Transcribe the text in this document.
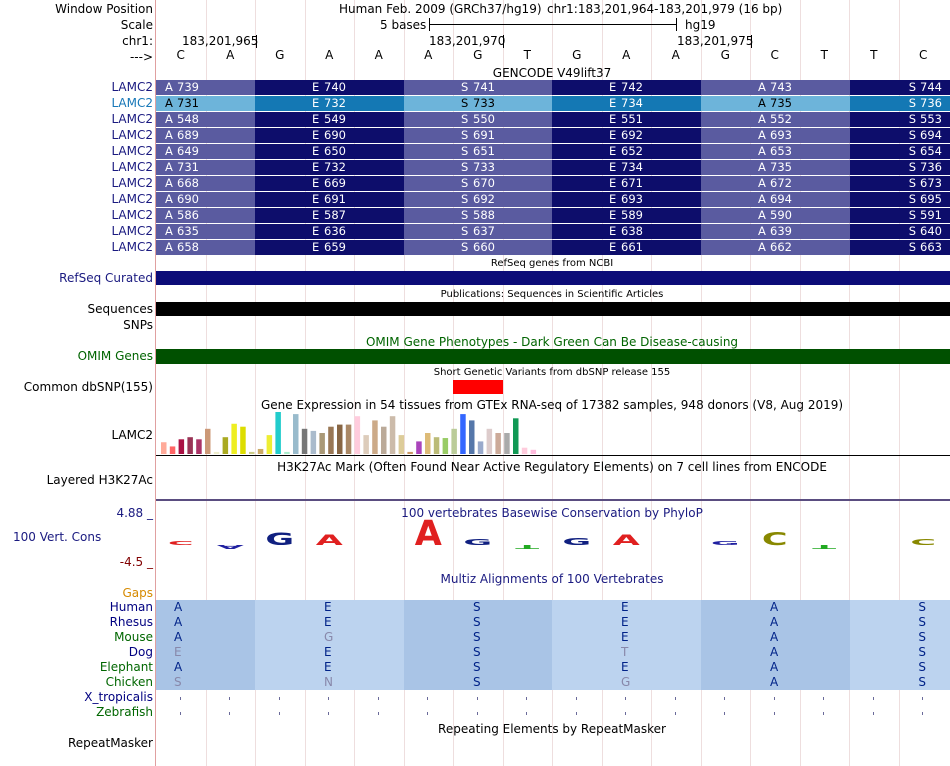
Window Position	Human Feb. 2009 (GRCh37/hg19) chr1:183,201,964-183,201,979 (16 bp)
Scale	5 bases	hg19
chr1: 183,201,965	183,201,970	183,201,975
--->	C	A	G	A	A	A	G	T	G	A	A	G	C	T	T	C
GENCODE V49lift37
LAMC2
LAMC2
LAMC2
LAMC2
LAMC2
LAMC2
LAMC2
LAMC2
LAMC2
LAMC2
LAMC2
A 739	E 740	S 741	E 742	A 743	S 744
A 731	E 732	S 733	E 734	A 735	S 736
A 548	E 549	S 550	E 551	A 552	S 553
A 689	E 690	S 691	E 692	A 693	S 694
A 649	E 650	S 651	E 652	A 653	S 654
A 731	E 732	S 733	E 734	A 735	S 736
A 668	E 669	S 670	E 671	A 672	S 673
A 690	E 691	S 692	E 693	A 694	S 695
A 586	E 587	S 588	E 589	A 590	S 591
A 635	E 636	S 637	E 638	A 639	S 640
A 658	E 659	S 660	E 661	A 662	S 663
RefSeq genes from NCBI
RefSeq Curated
Publications: Sequences in Scientific Articles
Sequences
SNPs
OMIM Gene Phenotypes - Dark Green Can Be Disease-causing
OMIM Genes
Short Genetic Variants from dbSNP release 155
Common dbSNP(155)
Gene Expression in 54 tissues from GTEx RNA-seq of 17382 samples, 948 donors (V8, Aug 2019)
LAMC2
H3K27Ac Mark (Often Found Near Active Regulatory Elements) on 7 cell lines from ENCODE
Layered H3K27Ac
100 vertebrates Basewise Conservation by PhyloP
4.88 _
100 Vert. Cons
-4.5 _
C
A G A	A G T G A	G C T	C
Multiz Alignments of 100 Vertebrates
Gaps
Human A	E	S	E	A	S
Rhesus A	E	S	E	A	S
Mouse A	G	S	E	A	S
Dog E	E	S	T	A	S
Elephant A	E	S	E	A	S
Chicken S	N	S	G	A	S
X_tropicalis
Zebrafish
Repeating Elements by RepeatMasker
RepeatMasker
